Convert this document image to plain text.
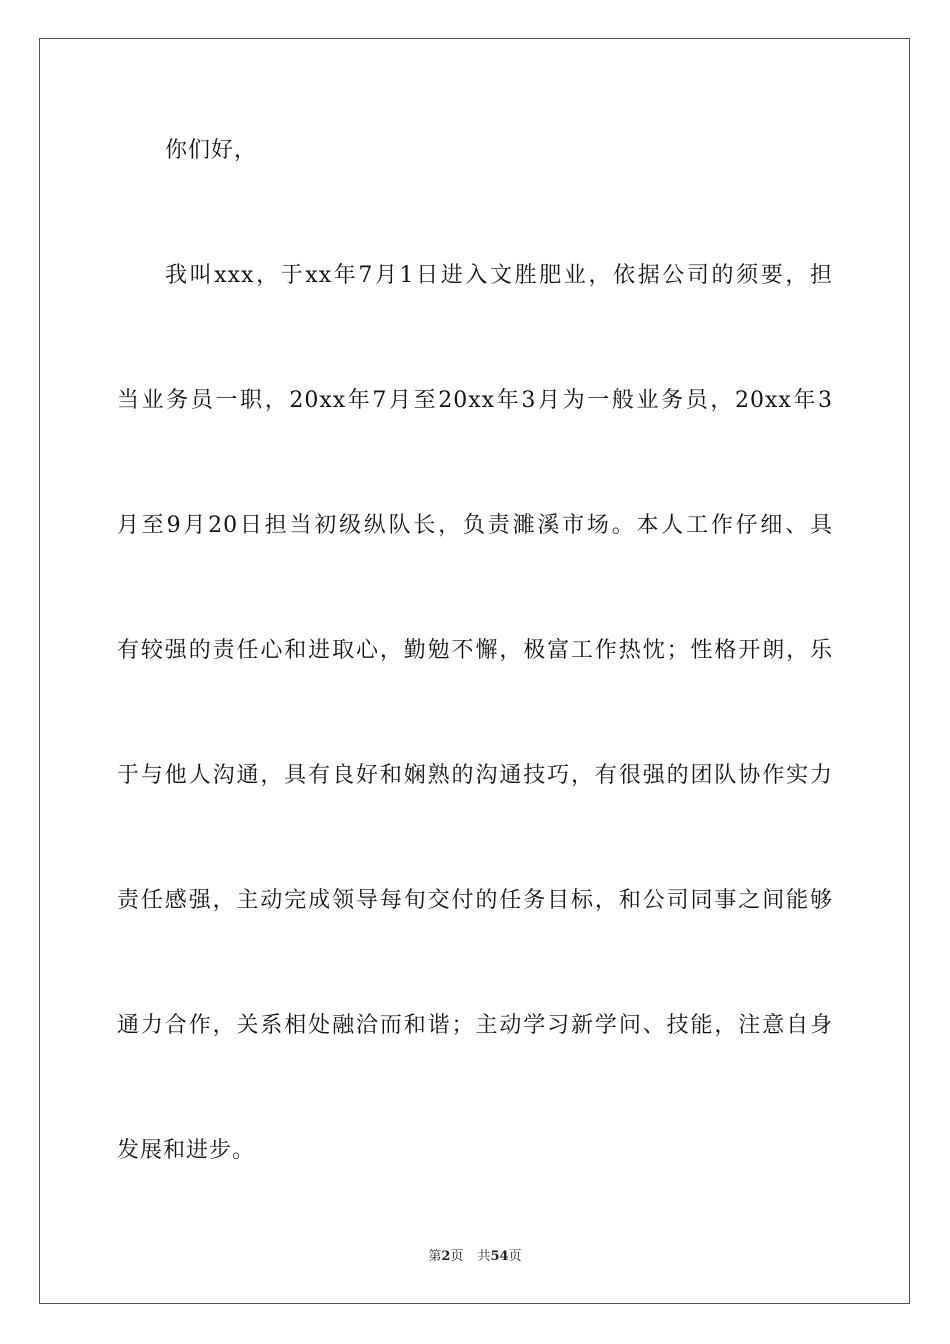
你们好，
我叫xxx，于xx年7月1日进入文胜肥业，依据公司的须要，担
当业务员一职，20xx年7月至20xx年3月为一般业务员，20xx年3
月至9月20日担当初级纵队长，负责濉溪市场。本人工作仔细、具
有较强的责任心和进取心，勤勉不懈，极富工作热忱；性格开朗，乐
于与他人沟通，具有良好和娴熟的沟通技巧，有很强的团队协作实力
责任感强，主动完成领导每旬交付的任务目标，和公司同事之间能够
通力合作，关系相处融洽而和谐；主动学习新学问、技能，注意自身
发展和进步。
第2页 共54页
